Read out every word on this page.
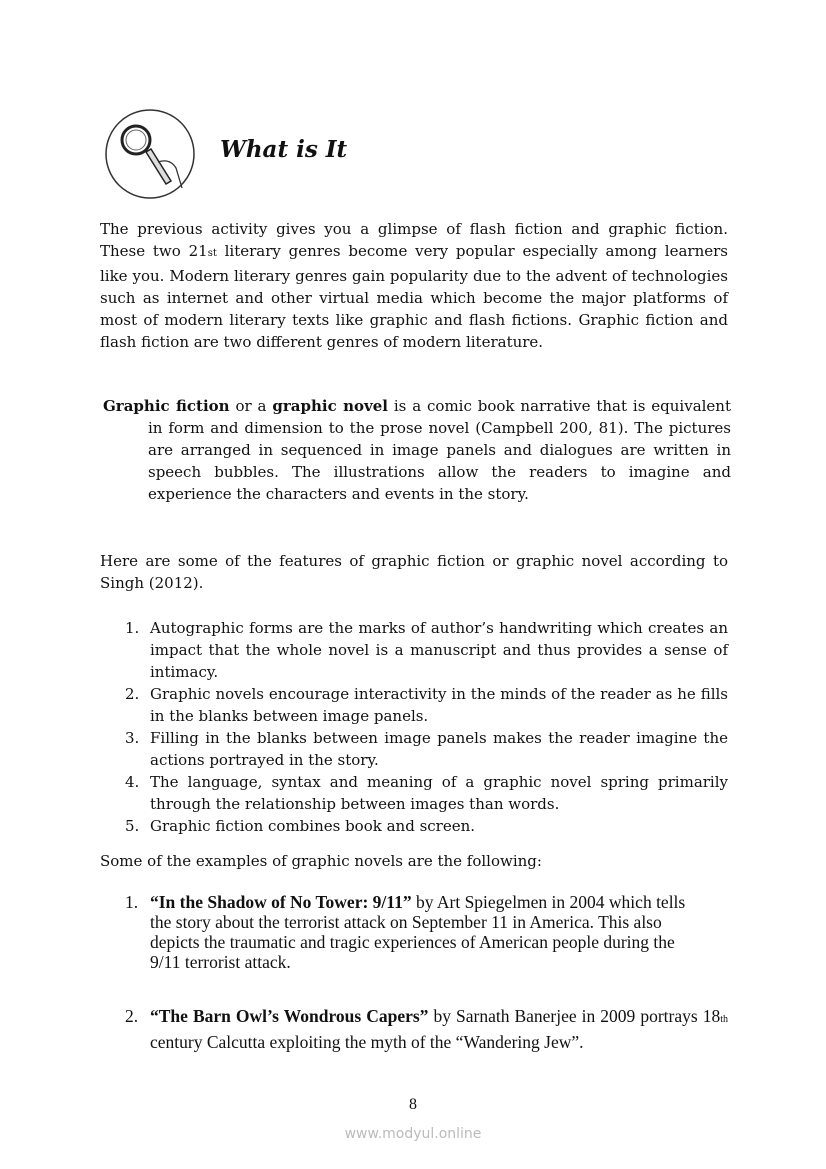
What is It

The previous activity gives you a glimpse of flash fiction and graphic fiction. These two 21st literary genres become very popular especially among learners like you. Modern literary genres gain popularity due to the advent of technologies such as internet and other virtual media which become the major platforms of most of modern literary texts like graphic and flash fictions. Graphic fiction and flash fiction are two different genres of modern literature.

Graphic fiction or a graphic novel is a comic book narrative that is equivalent in form and dimension to the prose novel (Campbell 200, 81). The pictures are arranged in sequenced in image panels and dialogues are written in speech bubbles. The illustrations allow the readers to imagine and experience the characters and events in the story.

Here are some of the features of graphic fiction or graphic novel according to Singh (2012).

1. Autographic forms are the marks of author’s handwriting which creates an impact that the whole novel is a manuscript and thus provides a sense of intimacy.
2. Graphic novels encourage interactivity in the minds of the reader as he fills in the blanks between image panels.
3. Filling in the blanks between image panels makes the reader imagine the actions portrayed in the story.
4. The language, syntax and meaning of a graphic novel spring primarily through the relationship between images than words.
5. Graphic fiction combines book and screen.

Some of the examples of graphic novels are the following:

1. “In the Shadow of No Tower: 9/11” by Art Spiegelmen in 2004 which tells the story about the terrorist attack on September 11 in America. This also depicts the traumatic and tragic experiences of American people during the 9/11 terrorist attack.
2. “The Barn Owl’s Wondrous Capers” by Sarnath Banerjee in 2009 portrays 18th century Calcutta exploiting the myth of the “Wandering Jew”.
8
www.modyul.online
